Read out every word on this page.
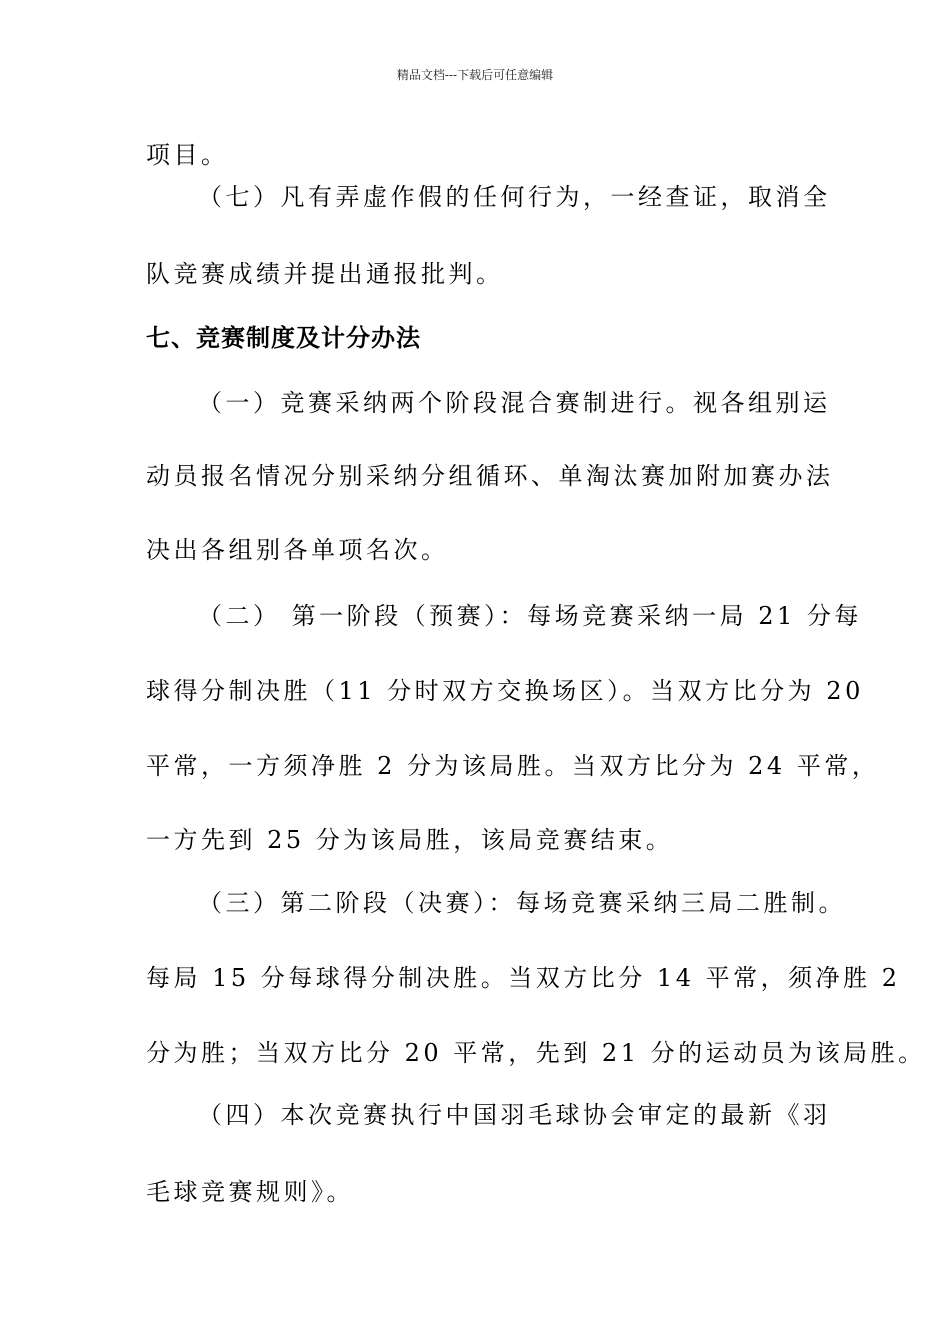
精品文档---下载后可任意编辑
项目。
（七）凡有弄虚作假的任何行为，一经查证，取消全
队竞赛成绩并提出通报批判。
七、竞赛制度及计分办法
（一）竞赛采纳两个阶段混合赛制进行。视各组别运
动员报名情况分别采纳分组循环、单淘汰赛加附加赛办法
决出各组别各单项名次。
（二） 第一阶段（预赛）：每场竞赛采纳一局 21 分每
球得分制决胜（11 分时双方交换场区）。当双方比分为 20
平常，一方须净胜 2 分为该局胜。当双方比分为 24 平常，
一方先到 25 分为该局胜，该局竞赛结束。
（三）第二阶段（决赛）：每场竞赛采纳三局二胜制。
每局 15 分每球得分制决胜。当双方比分 14 平常，须净胜 2
分为胜；当双方比分 20 平常，先到 21 分的运动员为该局胜。
（四）本次竞赛执行中国羽毛球协会审定的最新《羽
毛球竞赛规则》。
